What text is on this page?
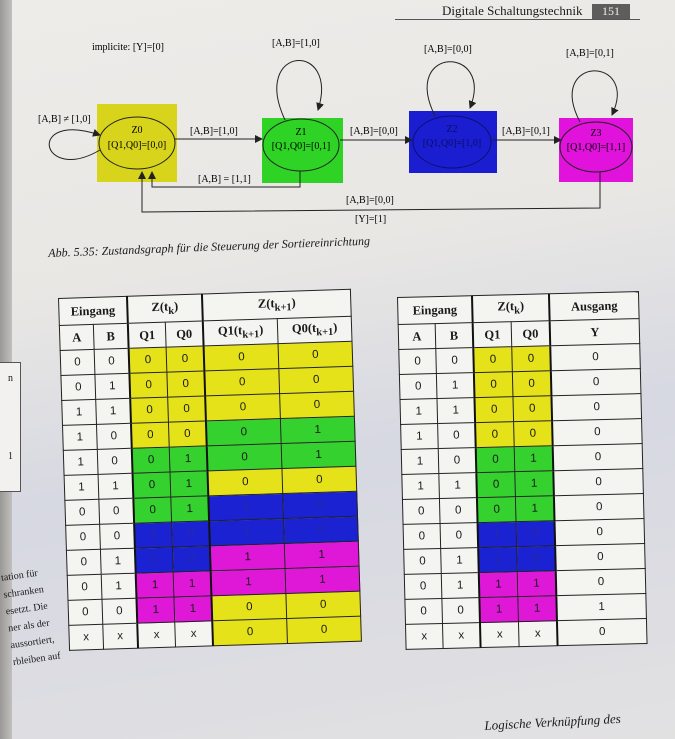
Digitale Schaltungstechnik	151
implicite: [Y]=[0]
Z0
[Q1,Q0]=[0,0]
Z1
[Q1,Q0]=[0,1]
Z2
[Q1,Q0]=[1,0]
Z3
[Q1,Q0]=[1,1]
[A,B] ≠ [1,0]
[A,B]=[1,0]
[A,B]=[0,0]	[A,B]=[0,1]
[A,B]=[1,0]	[A,B]=[0,0]	[A,B]=[0,1]
[A,B] = [1,1]
[A,B]=[0,0]
[Y]=[1]
Abb. 5.35: Zustandsgraph für die Steuerung der Sortiereinrichtung
Eingang		$Z(t_k)$		$Z(t_{k+1})$	
A	B	Q1	Q0	$Q1(t_{k+1})$	$Q0(t_{k+1})$
0	0	0	0	0	0
0	1	0	0	0	0
1	1	0	0	0	0
1	0	0	0	0	1
1	0	0	1	0	1
1	1	0	1	0	0
0	0	0	1	1	0
0	0	1	0	1	0
0	1	1	0	1	1
0	1	1	1	1	1
0	0	1	1	0	0
x	x	x	x	0	0
Eingang		$Z(t_k)$		Ausgang
A	B	Q1	Q0	Y
0	0	0	0	0
0	1	0	0	0
1	1	0	0	0
1	0	0	0	0
1	0	0	1	0
1	1	0	1	0
0	0	0	1	0
0	0	1	0	0
0	1	1	0	0
0	1	1	1	0
0	0	1	1	1
x	x	x	x	0
n
1
tation für
schranken
esetzt. Die
ner als der
aussortiert,
rbleiben auf
Logische Verknüpfung des
